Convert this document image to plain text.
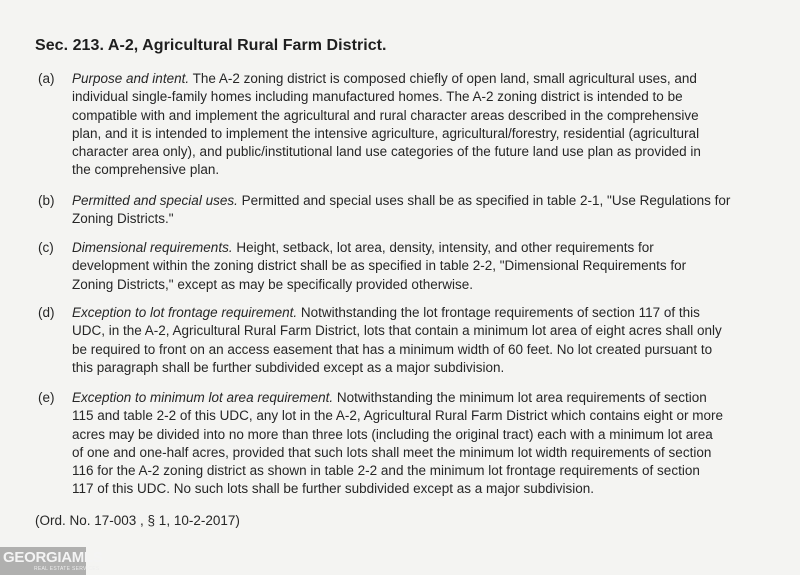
Sec. 213. A-2, Agricultural Rural Farm District.
(a) Purpose and intent. The A-2 zoning district is composed chiefly of open land, small agricultural uses, and
individual single-family homes including manufactured homes. The A-2 zoning district is intended to be
compatible with and implement the agricultural and rural character areas described in the comprehensive
plan, and it is intended to implement the intensive agriculture, agricultural/forestry, residential (agricultural
character area only), and public/institutional land use categories of the future land use plan as provided in
the comprehensive plan.
(b) Permitted and special uses. Permitted and special uses shall be as specified in table 2-1, "Use Regulations for
Zoning Districts."
(c) Dimensional requirements. Height, setback, lot area, density, intensity, and other requirements for
development within the zoning district shall be as specified in table 2-2, "Dimensional Requirements for
Zoning Districts," except as may be specifically provided otherwise.
(d) Exception to lot frontage requirement. Notwithstanding the lot frontage requirements of section 117 of this
UDC, in the A-2, Agricultural Rural Farm District, lots that contain a minimum lot area of eight acres shall only
be required to front on an access easement that has a minimum width of 60 feet. No lot created pursuant to
this paragraph shall be further subdivided except as a major subdivision.
(e) Exception to minimum lot area requirement. Notwithstanding the minimum lot area requirements of section
115 and table 2-2 of this UDC, any lot in the A-2, Agricultural Rural Farm District which contains eight or more
acres may be divided into no more than three lots (including the original tract) each with a minimum lot area
of one and one-half acres, provided that such lots shall meet the minimum lot width requirements of section
116 for the A-2 zoning district as shown in table 2-2 and the minimum lot frontage requirements of section
117 of this UDC. No such lots shall be further subdivided except as a major subdivision.
(Ord. No. 17-003 , § 1, 10-2-2017)
GEORGIAMLS
REAL ESTATE SERVICES
